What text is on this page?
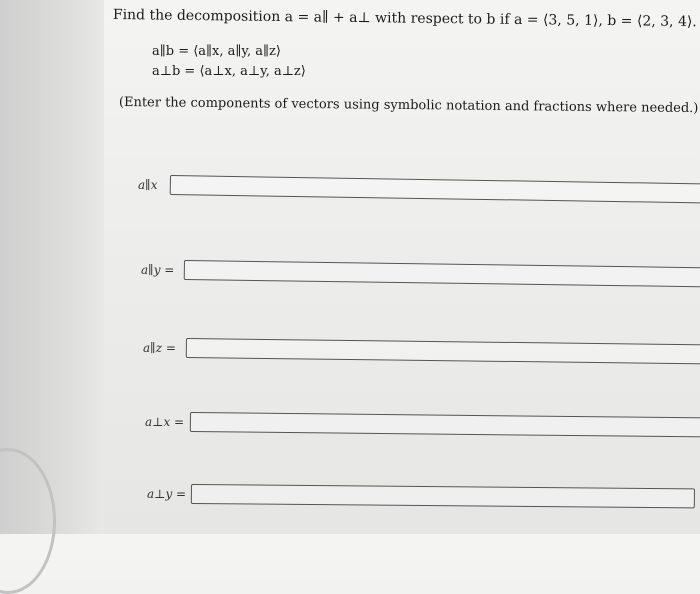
Find the decomposition a = a∥ + a⊥ with respect to b if a = ⟨3, 5, 1⟩, b = ⟨2, 3, 4⟩.
a∥b = ⟨a∥x, a∥y, a∥z⟩
a⊥b = ⟨a⊥x, a⊥y, a⊥z⟩
(Enter the components of vectors using symbolic notation and fractions where needed.)
a∥x
a∥y =
a∥z =
a⊥x =
a⊥y =
